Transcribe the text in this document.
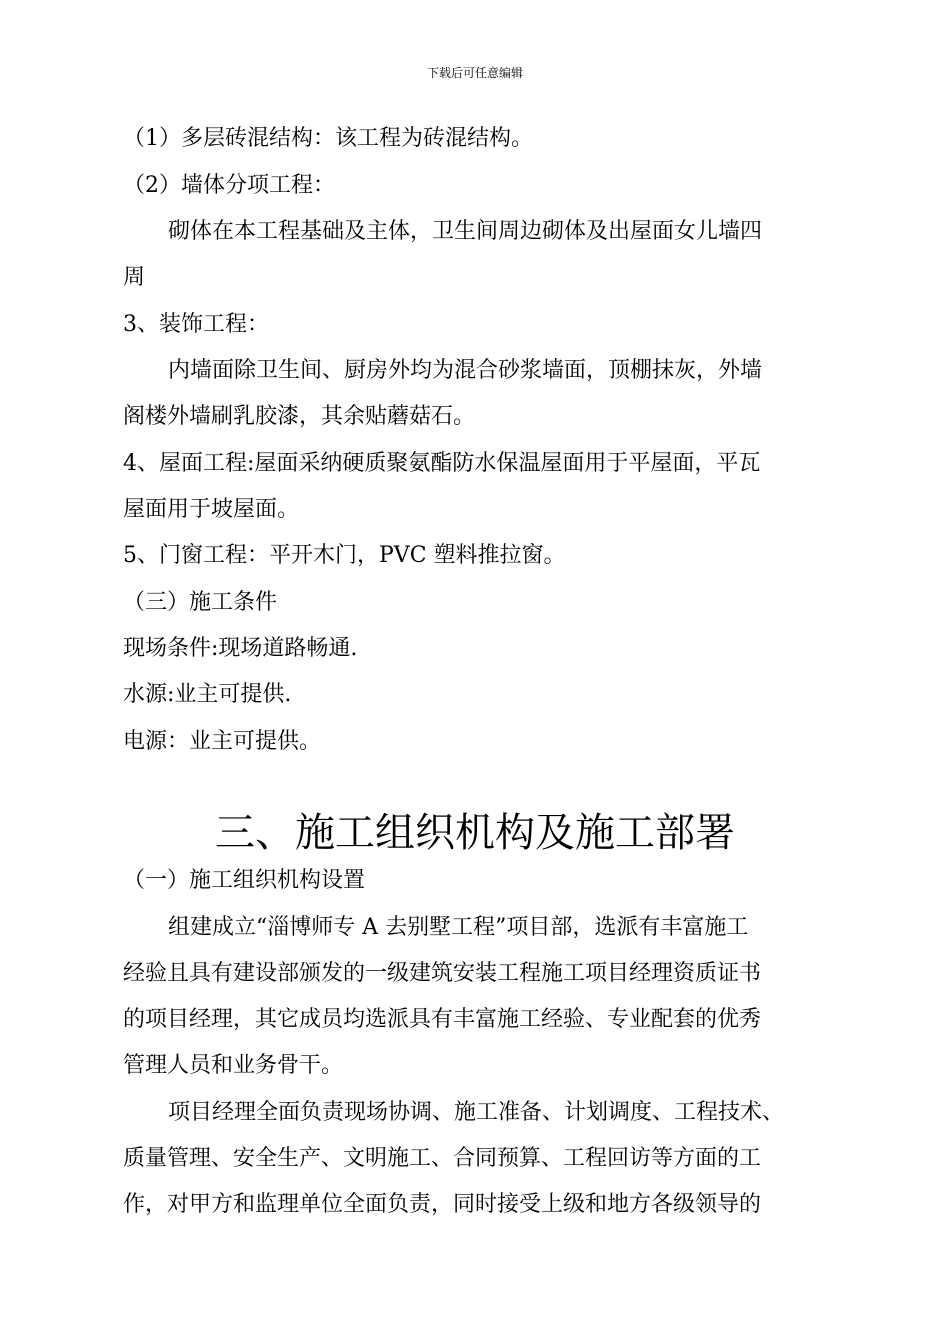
下载后可任意编辑
（1）多层砖混结构：该工程为砖混结构。
（2）墙体分项工程：
砌体在本工程基础及主体，卫生间周边砌体及出屋面女儿墙四
周
3、装饰工程：
内墙面除卫生间、厨房外均为混合砂浆墙面，顶棚抹灰，外墙
阁楼外墙刷乳胶漆，其余贴蘑菇石。
4、屋面工程:屋面采纳硬质聚氨酯防水保温屋面用于平屋面，平瓦
屋面用于坡屋面。
5、门窗工程：平开木门，PVC 塑料推拉窗。
（三）施工条件
现场条件:现场道路畅通.
水源:业主可提供.
电源：业主可提供。
三、施工组织机构及施工部署
（一）施工组织机构设置
组建成立“淄博师专 A 去别墅工程”项目部，选派有丰富施工
经验且具有建设部颁发的一级建筑安装工程施工项目经理资质证书
的项目经理，其它成员均选派具有丰富施工经验、专业配套的优秀
管理人员和业务骨干。
项目经理全面负责现场协调、施工准备、计划调度、工程技术、
质量管理、安全生产、文明施工、合同预算、工程回访等方面的工
作，对甲方和监理单位全面负责，同时接受上级和地方各级领导的
